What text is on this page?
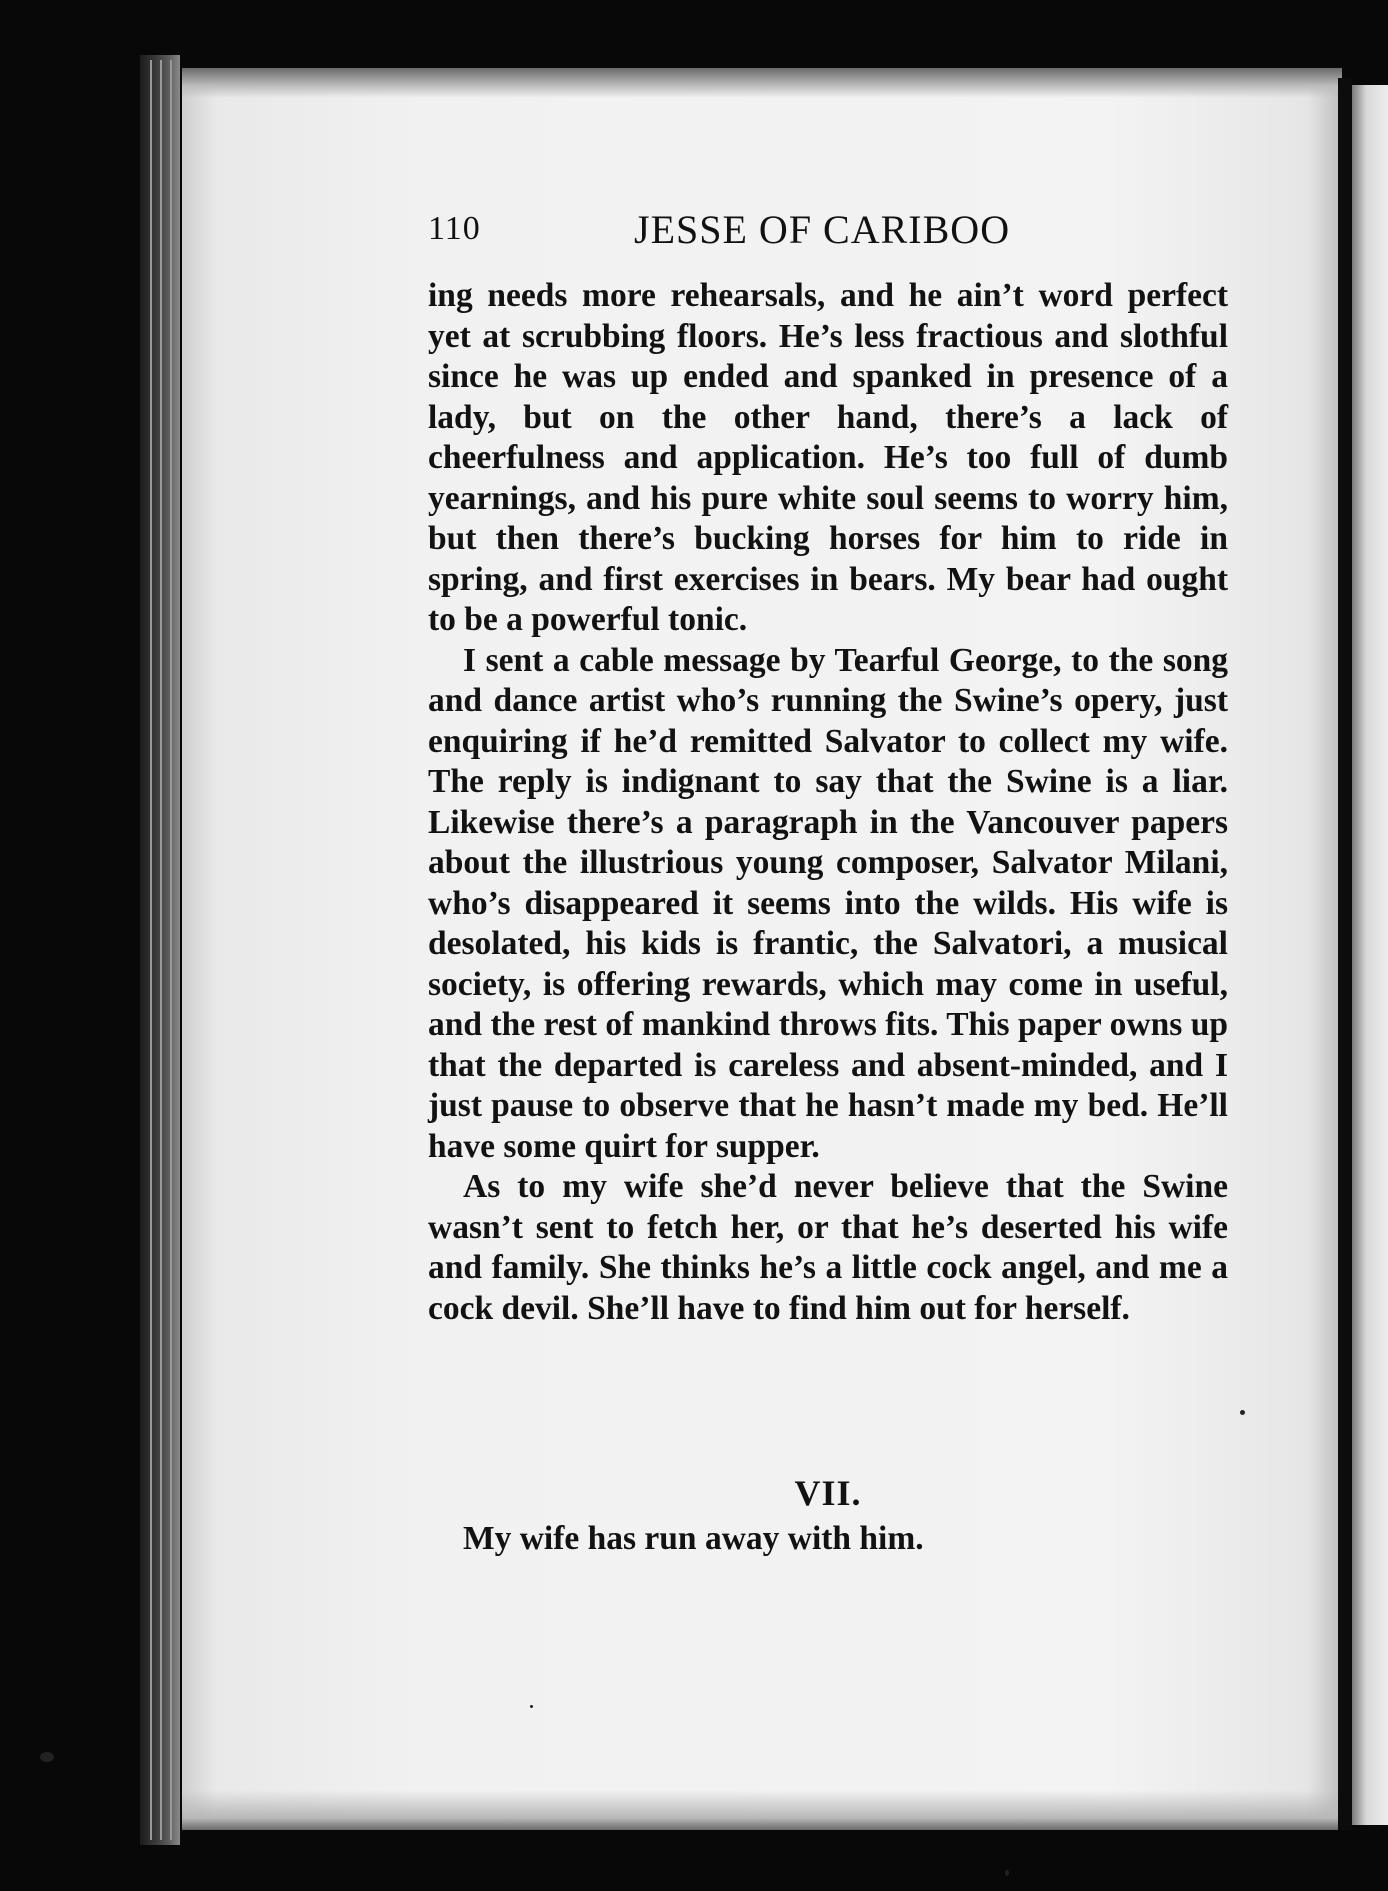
110	JESSE OF CARIBOO

ing needs more rehearsals, and he ain’t word perfect yet at scrubbing floors. He’s less fractious and slothful since he was up ended and spanked in presence of a lady, but on the other hand, there’s a lack of cheerfulness and application. He’s too full of dumb yearnings, and his pure white soul seems to worry him, but then there’s bucking horses for him to ride in spring, and first exercises in bears. My bear had ought to be a powerful tonic.

I sent a cable message by Tearful George, to the song and dance artist who’s running the Swine’s opery, just enquiring if he’d remitted Salvator to collect my wife. The reply is indignant to say that the Swine is a liar. Likewise there’s a paragraph in the Vancouver papers about the illustrious young composer, Salvator Milani, who’s disappeared it seems into the wilds. His wife is desolated, his kids is frantic, the Salvatori, a musical society, is offering rewards, which may come in useful, and the rest of mankind throws fits. This paper owns up that the departed is careless and absent-minded, and I just pause to observe that he hasn’t made my bed. He’ll have some quirt for supper.

As to my wife she’d never believe that the Swine wasn’t sent to fetch her, or that he’s deserted his wife and family. She thinks he’s a little cock angel, and me a cock devil. She’ll have to find him out for herself.

VII.
My wife has run away with him.
